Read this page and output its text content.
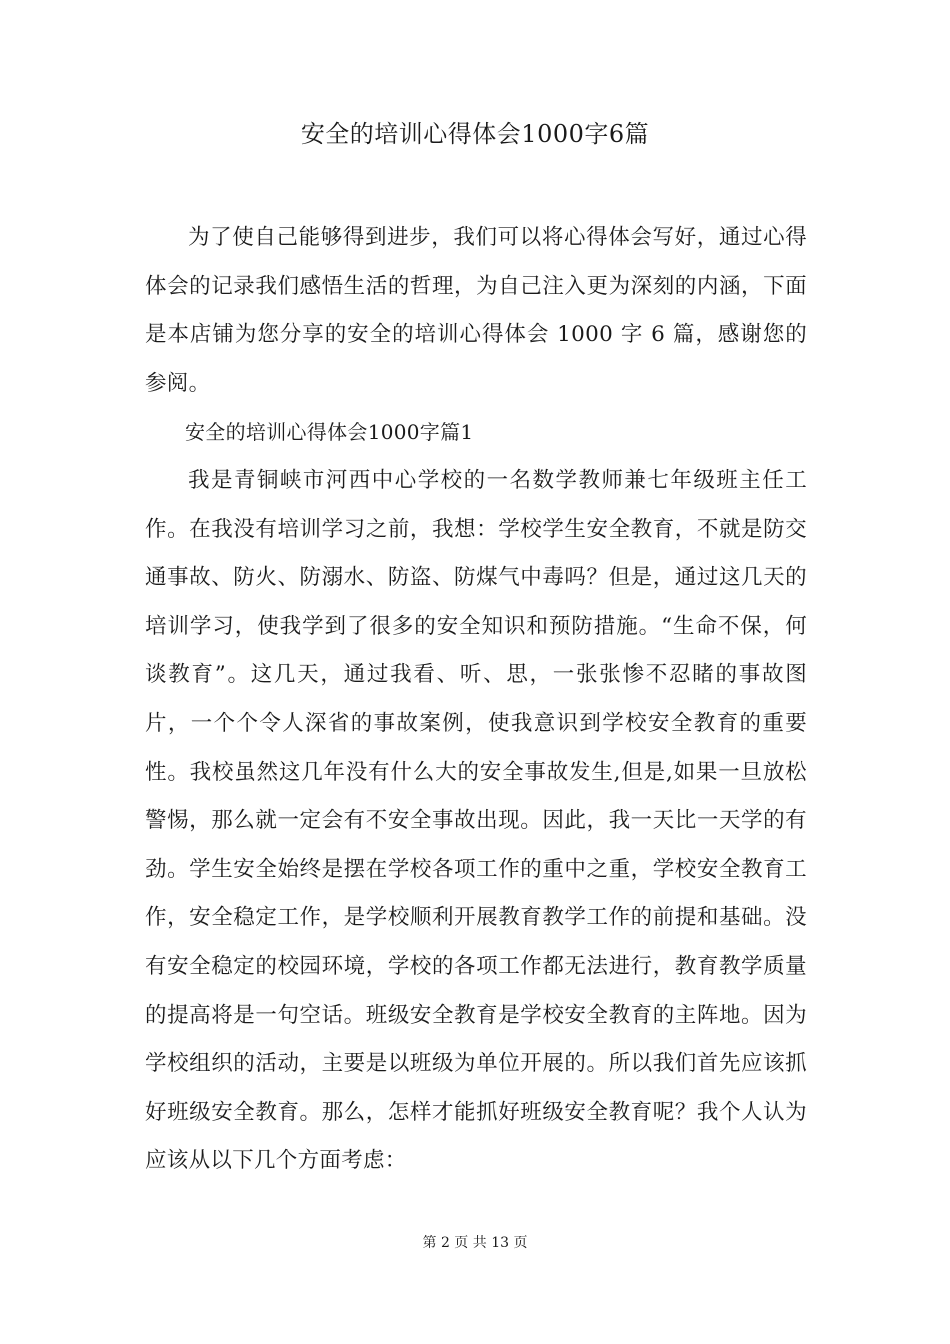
安全的培训心得体会1000字6篇

为了使自己能够得到进步，我们可以将心得体会写好，通过心得体会的记录我们感悟生活的哲理，为自己注入更为深刻的内涵，下面是本店铺为您分享的安全的培训心得体会 1000 字 6 篇，感谢您的参阅。

安全的培训心得体会1000字篇1

我是青铜峡市河西中心学校的一名数学教师兼七年级班主任工作。在我没有培训学习之前，我想：学校学生安全教育，不就是防交通事故、防火、防溺水、防盗、防煤气中毒吗？但是，通过这几天的培训学习，使我学到了很多的安全知识和预防措施。“生命不保，何谈教育”。这几天，通过我看、听、思，一张张惨不忍睹的事故图片，一个个令人深省的事故案例，使我意识到学校安全教育的重要性。我校虽然这几年没有什么大的安全事故发生,但是,如果一旦放松警惕，那么就一定会有不安全事故出现。因此，我一天比一天学的有劲。学生安全始终是摆在学校各项工作的重中之重，学校安全教育工作，安全稳定工作，是学校顺利开展教育教学工作的前提和基础。没有安全稳定的校园环境，学校的各项工作都无法进行，教育教学质量的提高将是一句空话。班级安全教育是学校安全教育的主阵地。因为学校组织的活动，主要是以班级为单位开展的。所以我们首先应该抓好班级安全教育。那么，怎样才能抓好班级安全教育呢？我个人认为应该从以下几个方面考虑：

第 2 页 共 13 页
